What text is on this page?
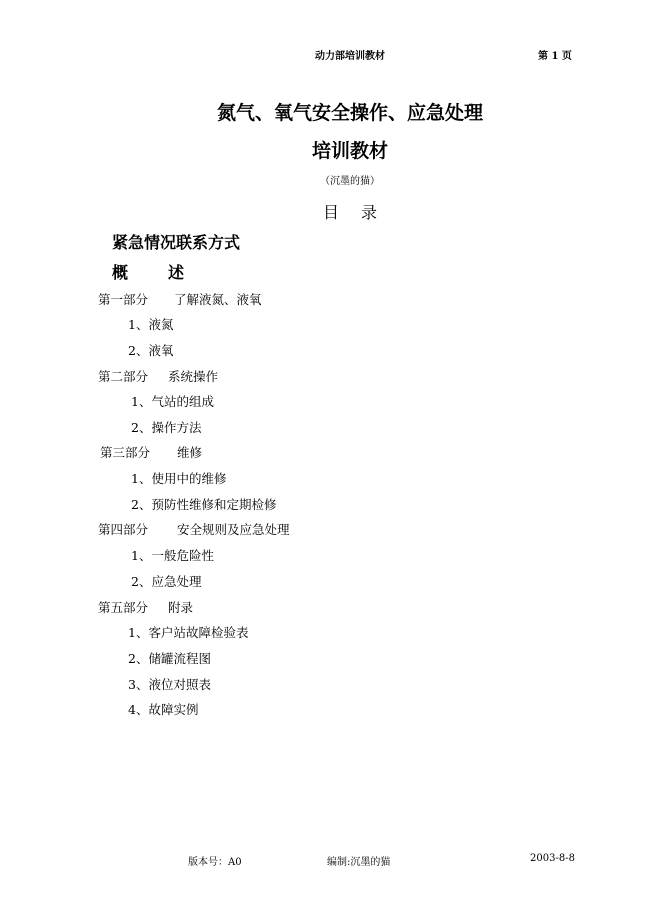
动力部培训教材	第 1 页
氮气、氧气安全操作、应急处理
培训教材
（沉墨的猫）
目 录
紧急情况联系方式
概	述
第一部分 了解液氮、液氧
1、液氮
2、液氧
第二部分 系统操作
1、气站的组成
2、操作方法
第三部分 维修
1、使用中的维修
2、预防性维修和定期检修
第四部分 安全规则及应急处理
1、一般危险性
2、应急处理
第五部分 附录
1、客户站故障检验表
2、储罐流程图
3、液位对照表
4、故障实例
版本号：A0	编制:沉墨的猫	2003-8-8
